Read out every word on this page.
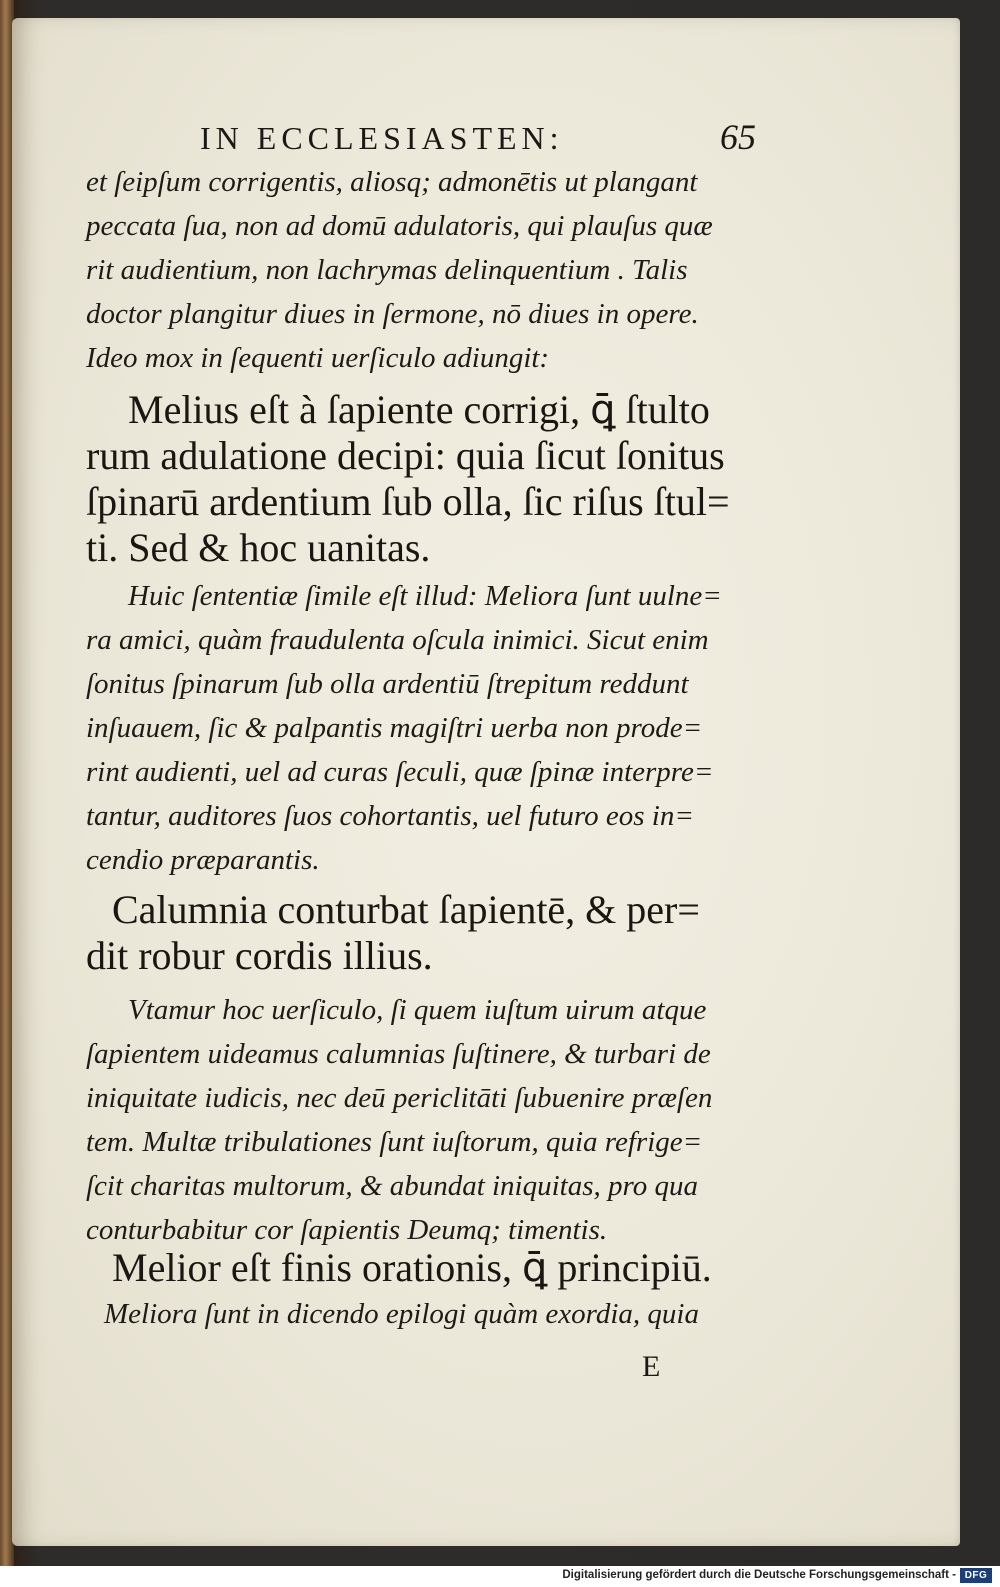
IN ECCLESIASTEN:	65

et ſeipſum corrigentis, aliosq; admonētis ut plangant

peccata ſua, non ad domū adulatoris, qui plauſus quæ

rit audientium, non lachrymas delinquentium . Talis

doctor plangitur diues in ſermone, nō diues in opere.

Ideo mox in ſequenti uerſiculo adiungit:

Melius eſt à ſapiente corrigi, ꝗ̄ ſtulto

rum adulatione decipi: quia ſicut ſonitus

ſpinarū ardentium ſub olla, ſic riſus ſtul=

ti. Sed & hoc uanitas.

Huic ſententiæ ſimile eſt illud: Meliora ſunt uulne=

ra amici, quàm fraudulenta oſcula inimici. Sicut enim

ſonitus ſpinarum ſub olla ardentiū ſtrepitum reddunt

inſuauem, ſic & palpantis magiſtri uerba non prode=

rint audienti, uel ad curas ſeculi, quæ ſpinæ interpre=

tantur, auditores ſuos cohortantis, uel futuro eos in=

cendio præparantis.

Calumnia conturbat ſapientē, & per=

dit robur cordis illius.

Vtamur hoc uerſiculo, ſi quem iuſtum uirum atque

ſapientem uideamus calumnias ſuſtinere, & turbari de

iniquitate iudicis, nec deū periclitāti ſubuenire præſen

tem. Multæ tribulationes ſunt iuſtorum, quia refrige=

ſcit charitas multorum, & abundat iniquitas, pro qua

conturbabitur cor ſapientis Deumq; timentis.

Melior eſt finis orationis, ꝗ̄ principiū.

Meliora ſunt in dicendo epilogi quàm exordia, quia

E
Digitalisierung gefördert durch die Deutsche Forschungsgemeinschaft - DFG
